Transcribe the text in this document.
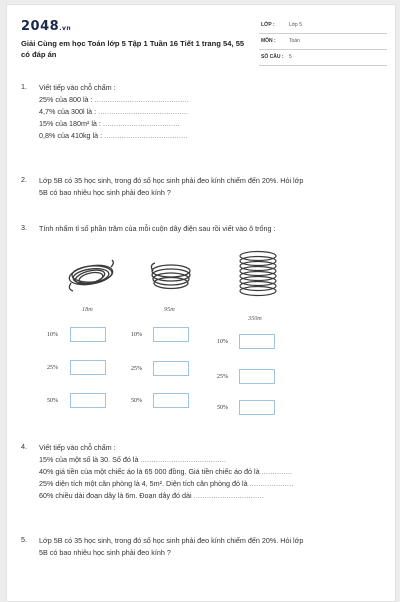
2048.vn
Giải Cùng em học Toán lớp 5 Tập 1 Tuần 16 Tiết 1 trang 54, 55 có đáp án
LỚP :	Lớp 5
MÔN :	Toán
SỐ CÂU : 5
1.	Viết tiếp vào chỗ chấm :
25% của 800 là : ...........................................
4,7% của 300l là : .........................................
15% của 180m² là : ...................................
0,8% của 410kg là : ......................................
2.	Lớp 5B có 35 học sinh, trong đó số học sinh phải đeo kính chiếm đến 20%. Hỏi lớp
5B có bao nhiêu học sinh phải đeo kính ?
3.	Tính nhẩm tỉ số phần trăm của mỗi cuộn dây điện sau rồi viết vào ô trống :
18m	95m
350m
10%
25%
50%
10%
25%
50%
10%
25%
50%
4.	Viết tiếp vào chỗ chấm :
15% của một số là 30. Số đó là .......................................
40% giá tiền của một chiếc áo là 65 000 đồng. Giá tiền chiếc áo đó là ..............
25% diện tích một căn phòng là 4, 5m². Diện tích căn phòng đó là ....................
60% chiều dài đoạn dây là 6m. Đoạn dây đó dài ................................
5.	Lớp 5B có 35 học sinh, trong đó số học sinh phải đeo kính chiếm đến 20%. Hỏi lớp
5B có bao nhiêu học sinh phải đeo kính ?
